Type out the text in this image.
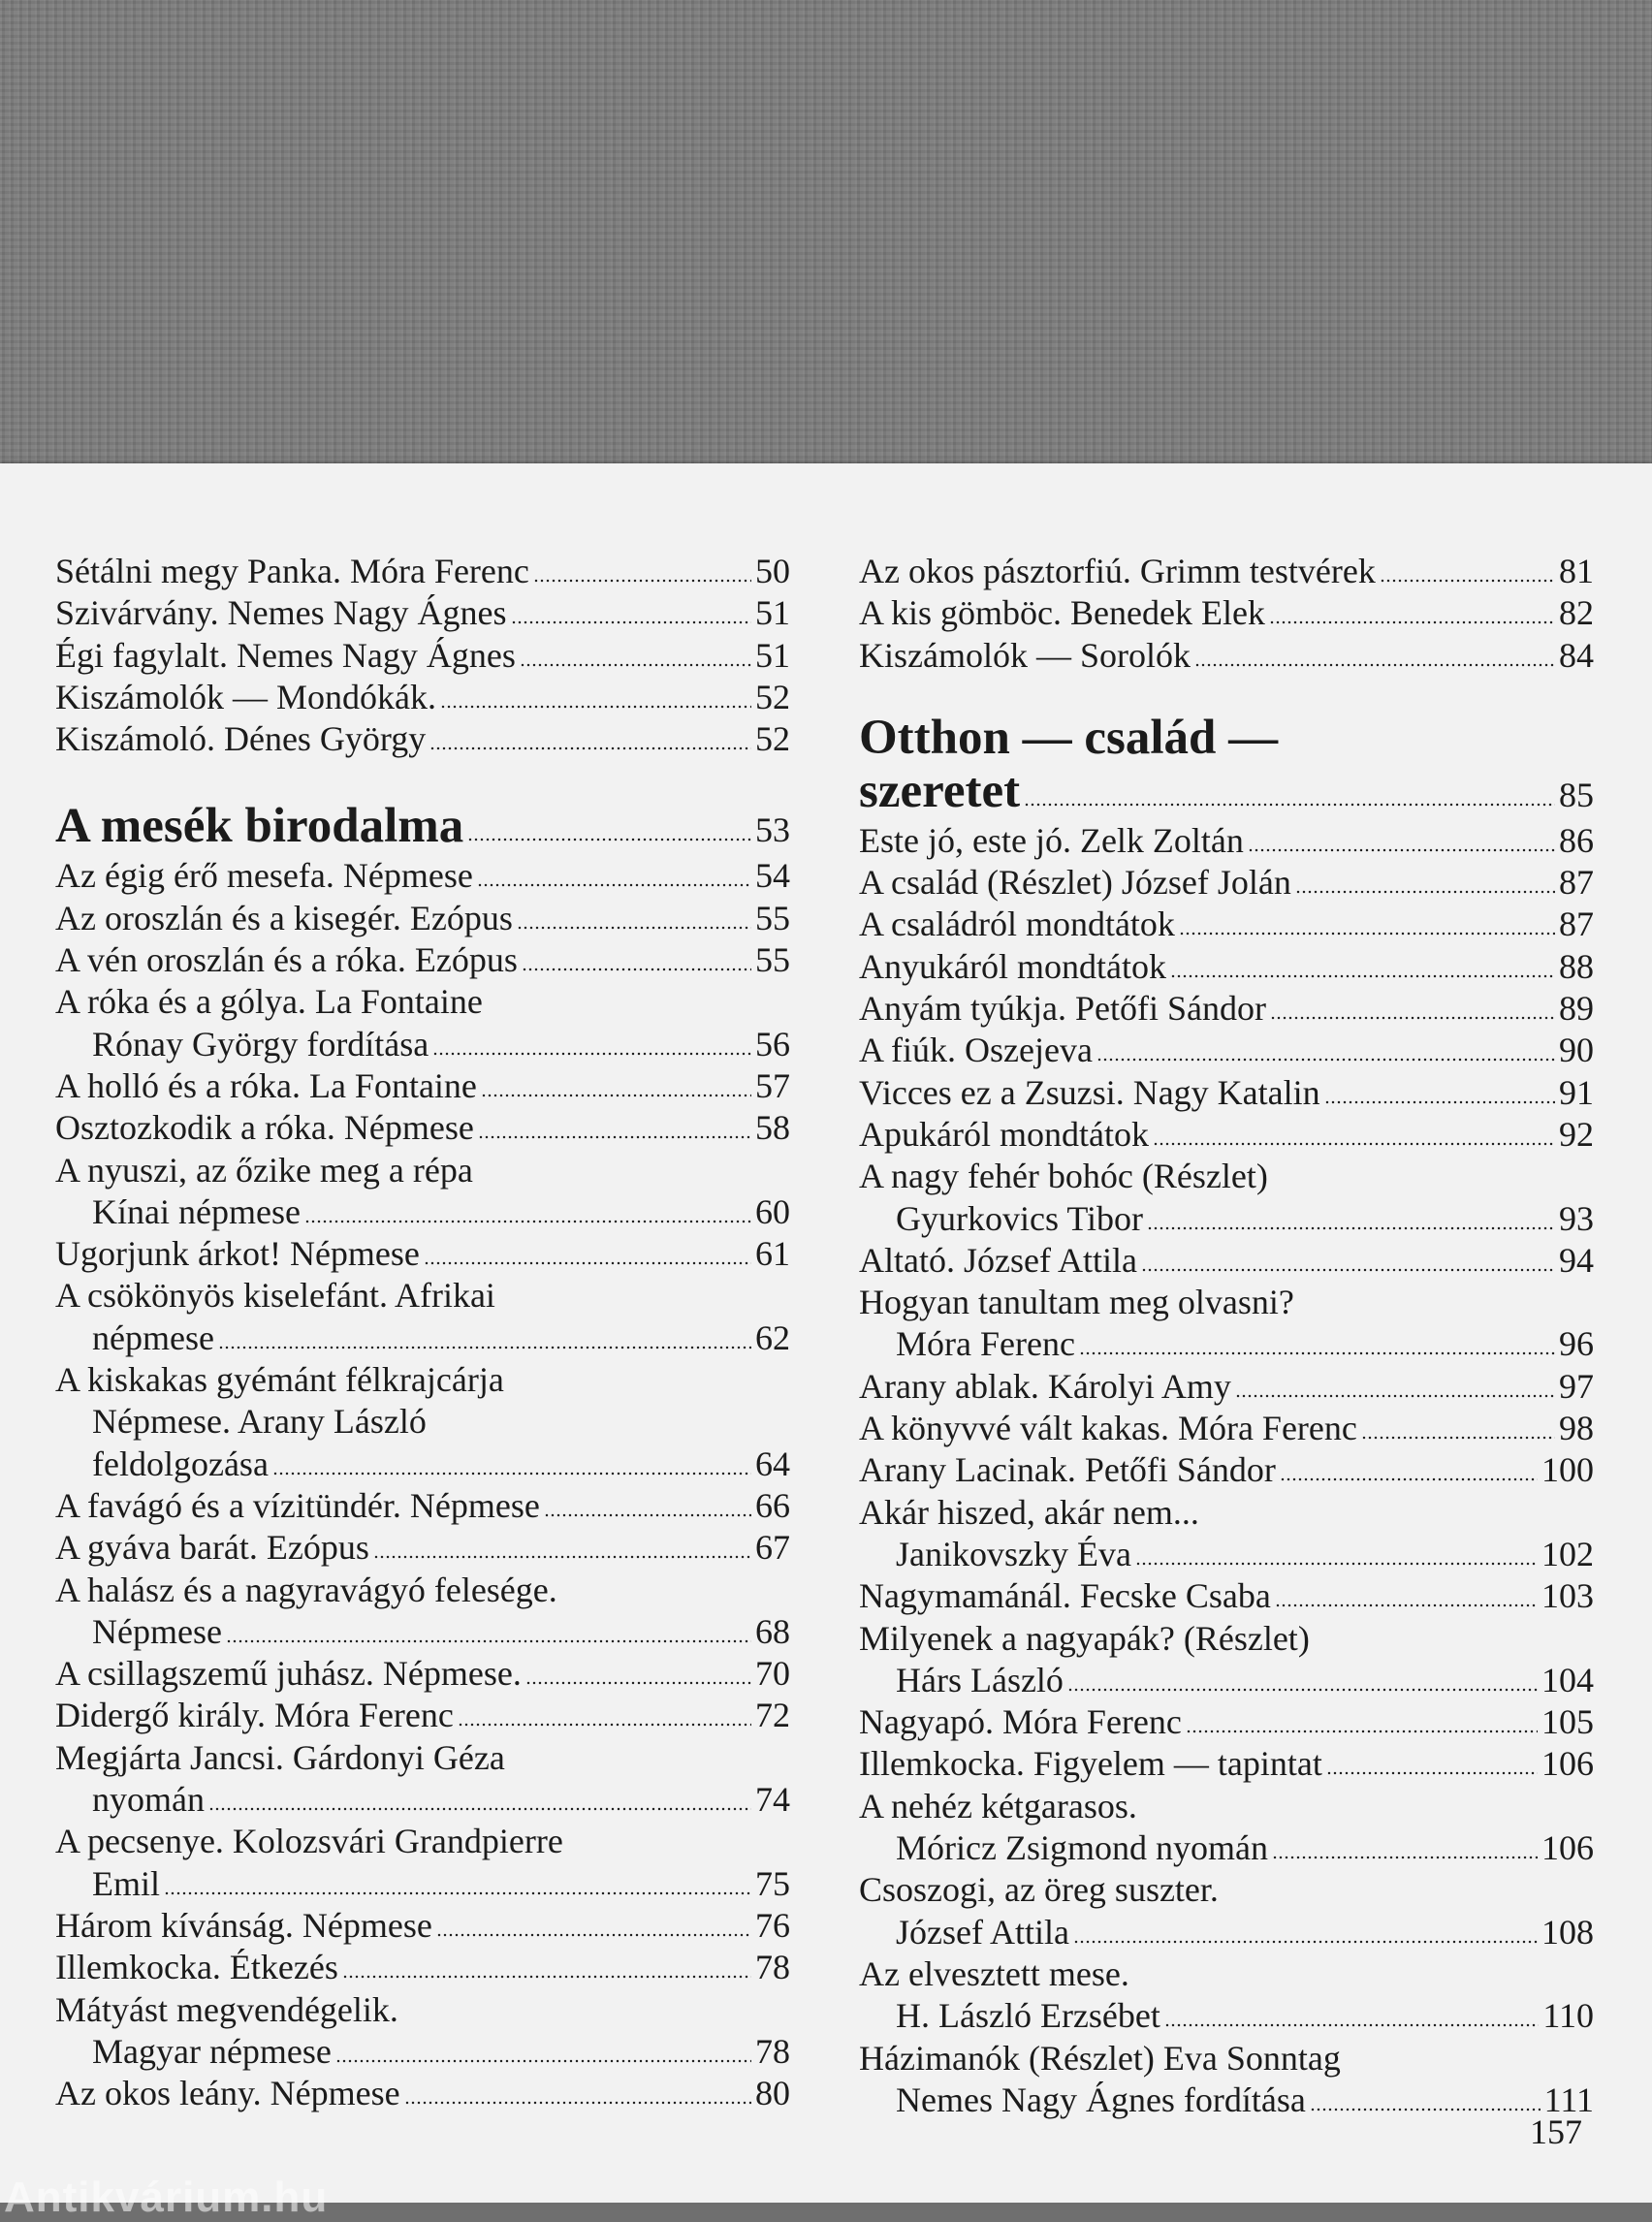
Sétálni megy Panka. Móra Ferenc	50
Szivárvány. Nemes Nagy Ágnes	51
Égi fagylalt. Nemes Nagy Ágnes	51
Kiszámolók — Mondókák.	52
Kiszámoló. Dénes György	52
A mesék birodalma	53
Az égig érő mesefa. Népmese	54
Az oroszlán és a kisegér. Ezópus	55
A vén oroszlán és a róka. Ezópus	55
A róka és a gólya. La Fontaine
Rónay György fordítása	56
A holló és a róka. La Fontaine	57
Osztozkodik a róka. Népmese	58
A nyuszi, az őzike meg a répa
Kínai népmese	60
Ugorjunk árkot! Népmese	61
A csökönyös kiselefánt. Afrikai
népmese	62
A kiskakas gyémánt félkrajcárja
Népmese. Arany László
feldolgozása	64
A favágó és a vízitündér. Népmese	66
A gyáva barát. Ezópus	67
A halász és a nagyravágyó felesége.
Népmese	68
A csillagszemű juhász. Népmese.	70
Didergő király. Móra Ferenc	72
Megjárta Jancsi. Gárdonyi Géza
nyomán	74
A pecsenye. Kolozsvári Grandpierre
Emil	75
Három kívánság. Népmese	76
Illemkocka. Étkezés	78
Mátyást megvendégelik.
Magyar népmese	78
Az okos leány. Népmese	80
Az okos pásztorfiú. Grimm testvérek	81
A kis gömböc. Benedek Elek	82
Kiszámolók — Sorolók	84
Otthon — család —
szeretet	85
Este jó, este jó. Zelk Zoltán	86
A család (Részlet) József Jolán	87
A családról mondtátok	87
Anyukáról mondtátok	88
Anyám tyúkja. Petőfi Sándor	89
A fiúk. Oszejeva	90
Vicces ez a Zsuzsi. Nagy Katalin	91
Apukáról mondtátok	92
A nagy fehér bohóc (Részlet)
Gyurkovics Tibor	93
Altató. József Attila	94
Hogyan tanultam meg olvasni?
Móra Ferenc	96
Arany ablak. Károlyi Amy	97
A könyvvé vált kakas. Móra Ferenc	98
Arany Lacinak. Petőfi Sándor	100
Akár hiszed, akár nem...
Janikovszky Éva	102
Nagymamánál. Fecske Csaba	103
Milyenek a nagyapák? (Részlet)
Hárs László	104
Nagyapó. Móra Ferenc	105
Illemkocka. Figyelem — tapintat	106
A nehéz kétgarasos.
Móricz Zsigmond nyomán	106
Csoszogi, az öreg suszter.
József Attila	108
Az elvesztett mese.
H. László Erzsébet	110
Házimanók (Részlet) Eva Sonntag
Nemes Nagy Ágnes fordítása	111
157
Antikvárium.hu
